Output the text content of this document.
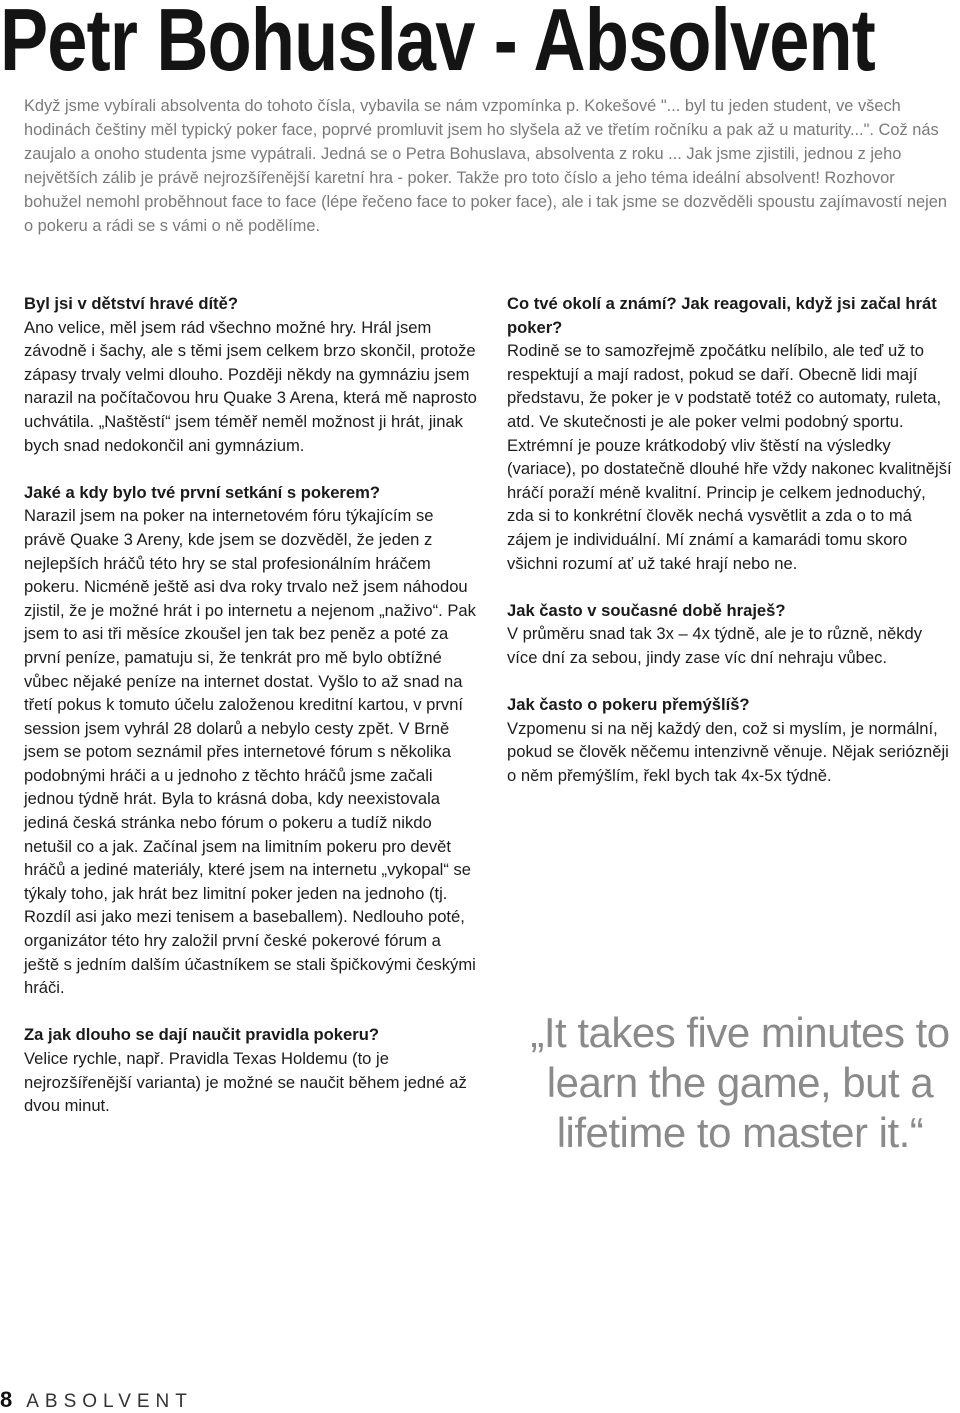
Petr Bohuslav - Absolvent

Když jsme vybírali absolventa do tohoto čísla, vybavila se nám vzpomínka p. Kokešové "... byl tu jeden student, ve všech hodinách češtiny měl typický poker face, poprvé promluvit jsem ho slyšela až ve třetím ročníku a pak až u maturity...". Což nás zaujalo a onoho studenta jsme vypátrali. Jedná se o Petra Bohuslava, absolventa z roku ... Jak jsme zjistili, jednou z jeho největších zálib je právě nejrozšířenější karetní hra - poker. Takže pro toto číslo a jeho téma ideální absolvent! Rozhovor bohužel nemohl proběhnout face to face (lépe řečeno face to poker face), ale i tak jsme se dozvěděli spoustu zajímavostí nejen o pokeru a rádi se s vámi o ně podělíme.

Byl jsi v dětství hravé dítě?
Ano velice, měl jsem rád všechno možné hry. Hrál jsem závodně i šachy, ale s těmi jsem celkem brzo skončil, protože zápasy trvaly velmi dlouho. Později někdy na gymnáziu jsem narazil na počítačovou hru Quake 3 Arena, která mě naprosto uchvátila. „Naštěstí“ jsem téměř neměl možnost ji hrát, jinak bych snad nedokončil ani gymnázium.
Jaké a kdy bylo tvé první setkání s pokerem?
Narazil jsem na poker na internetovém fóru týkajícím se právě Quake 3 Areny, kde jsem se dozvěděl, že jeden z nejlepších hráčů této hry se stal profesionálním hráčem pokeru. Nicméně ještě asi dva roky trvalo než jsem náhodou zjistil, že je možné hrát i po internetu a nejenom „naživo“. Pak jsem to asi tři měsíce zkoušel jen tak bez peněz a poté za první peníze, pamatuju si, že tenkrát pro mě bylo obtížné vůbec nějaké peníze na internet dostat. Vyšlo to až snad na třetí pokus k tomuto účelu založenou kreditní kartou, v první session jsem vyhrál 28 dolarů a nebylo cesty zpět. V Brně jsem se potom seznámil přes internetové fórum s několika podobnými hráči a u jednoho z těchto hráčů jsme začali jednou týdně hrát. Byla to krásná doba, kdy neexistovala jediná česká stránka nebo fórum o pokeru a tudíž nikdo netušil co a jak. Začínal jsem na limitním pokeru pro devět hráčů a jediné materiály, které jsem na internetu „vykopal“ se týkaly toho, jak hrát bez limitní poker jeden na jednoho (tj. Rozdíl asi jako mezi tenisem a baseballem). Nedlouho poté, organizátor této hry založil první české pokerové fórum a ještě s jedním dalším účastníkem se stali špičkovými českými hráči.
Za jak dlouho se dají naučit pravidla pokeru?
Velice rychle, např. Pravidla Texas Holdemu (to je nejrozšířenější varianta) je možné se naučit během jedné až dvou minut.
Co tvé okolí a známí? Jak reagovali, když jsi začal hrát poker?
Rodině se to samozřejmě zpočátku nelíbilo, ale teď už to respektují a mají radost, pokud se daří. Obecně lidi mají představu, že poker je v podstatě totéž co automaty, ruleta, atd. Ve skutečnosti je ale poker velmi podobný sportu. Extrémní je pouze krátkodobý vliv štěstí na výsledky (variace), po dostatečně dlouhé hře vždy nakonec kvalitnější hráčí poraží méně kvalitní. Princip je celkem jednoduchý, zda si to konkrétní člověk nechá vysvětlit a zda o to má zájem je individuální. Mí známí a kamarádi tomu skoro všichni rozumí ať už také hrají nebo ne.
Jak často v současné době hraješ?
V průměru snad tak 3x – 4x týdně, ale je to různě, někdy více dní za sebou, jindy zase víc dní nehraju vůbec.
Jak často o pokeru přemýšlíš?
Vzpomenu si na něj každý den, což si myslím, je normální, pokud se člověk něčemu intenzivně věnuje. Nějak seriózněji o něm přemýšlím, řekl bych tak 4x-5x týdně.

„It takes five minutes to learn the game, but a lifetime to master it.“

8 ABSOLVENT
